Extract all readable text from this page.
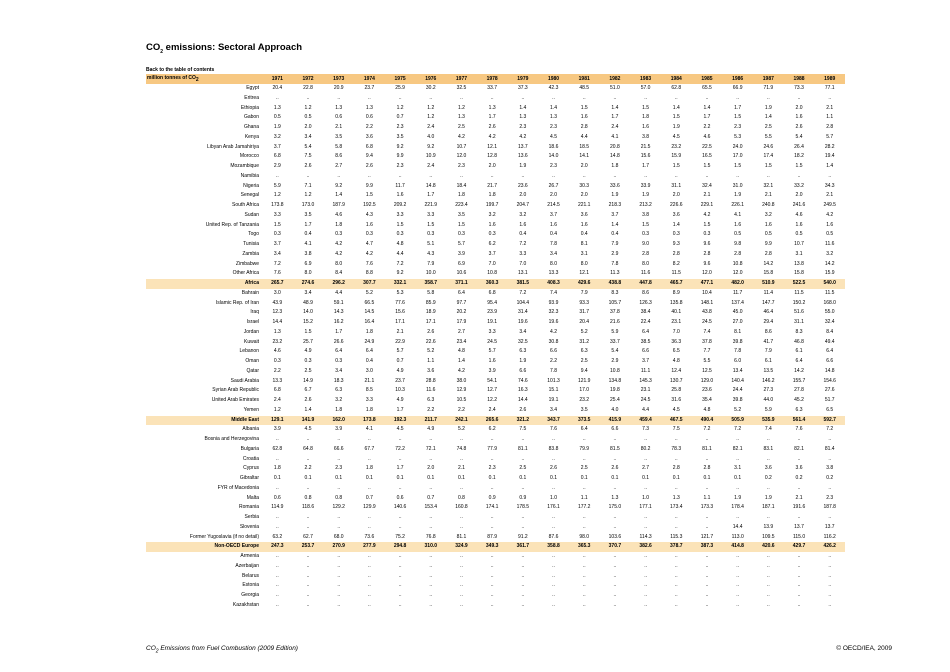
$CO_2$ emissions: Sectoral Approach
Back to the table of contents
million tonnes of $CO_2$	1971	1972	1973	1974	1975	1976	1977	1978	1979	1980	1981	1982	1983	1984	1985	1986	1987	1988	1989
Egypt	20.4	22.8	20.9	23.7	25.9	30.2	32.5	33.7	37.3	42.3	48.5	51.0	57.0	62.8	65.5	66.9	71.9	73.3	77.1
Eritrea	..	..	..	..	..	..	..	..	..	..	..	..	..	..	..	..	..	..	..
Ethiopia	1.3	1.2	1.3	1.3	1.2	1.2	1.2	1.3	1.4	1.4	1.5	1.4	1.5	1.4	1.4	1.7	1.9	2.0	2.1
Gabon	0.5	0.5	0.6	0.6	0.7	1.2	1.3	1.7	1.3	1.3	1.6	1.7	1.8	1.5	1.7	1.5	1.4	1.6	1.1
Ghana	1.9	2.0	2.1	2.2	2.3	2.4	2.5	2.6	2.3	2.3	2.8	2.4	1.6	1.9	2.2	2.3	2.5	2.6	2.8
Kenya	3.2	3.4	3.5	3.6	3.5	4.0	4.2	4.2	4.2	4.5	4.4	4.1	3.8	4.5	4.6	5.3	5.5	5.4	5.7
Libyan Arab Jamahiriya	3.7	5.4	5.8	6.8	9.2	9.2	10.7	12.1	13.7	18.6	18.5	20.8	21.5	23.2	22.5	24.0	24.6	26.4	28.2
Morocco	6.8	7.5	8.6	9.4	9.9	10.9	12.0	12.8	13.6	14.0	14.1	14.8	15.6	15.9	16.5	17.0	17.4	18.2	19.4
Mozambique	2.9	2.6	2.7	2.6	2.3	2.4	2.3	2.0	1.9	2.3	2.0	1.8	1.7	1.5	1.5	1.5	1.5	1.5	1.4
Namibia	..	..	..	..	..	..	..	..	..	..	..	..	..	..	..	..	..	..	..
Nigeria	5.9	7.1	9.2	9.9	11.7	14.8	18.4	21.7	23.6	26.7	30.3	33.6	33.9	31.1	32.4	31.0	32.1	33.2	34.3
Senegal	1.2	1.2	1.4	1.5	1.6	1.7	1.8	1.8	2.0	2.0	2.0	1.9	1.9	2.0	2.1	1.9	2.1	2.0	2.1
South Africa	173.8	173.0	187.9	192.5	209.2	221.9	223.4	199.7	204.7	214.5	221.1	218.3	213.2	226.6	229.1	226.1	240.8	241.6	249.5
Sudan	3.3	3.5	4.6	4.3	3.3	3.3	3.5	3.2	3.2	3.7	3.6	3.7	3.8	3.6	4.2	4.1	3.2	4.6	4.2
United Rep. of Tanzania	1.5	1.7	1.8	1.6	1.5	1.5	1.5	1.6	1.6	1.6	1.6	1.4	1.5	1.4	1.5	1.6	1.6	1.6	1.6
Togo	0.3	0.4	0.3	0.3	0.3	0.3	0.3	0.3	0.4	0.4	0.4	0.4	0.3	0.3	0.3	0.5	0.5	0.5	0.5
Tunisia	3.7	4.1	4.2	4.7	4.8	5.1	5.7	6.2	7.2	7.8	8.1	7.9	9.0	9.3	9.6	9.8	9.9	10.7	11.6
Zambia	3.4	3.8	4.2	4.2	4.4	4.3	3.9	3.7	3.3	3.4	3.1	2.9	2.8	2.8	2.8	2.8	2.8	3.1	3.2
Zimbabwe	7.2	6.9	8.0	7.6	7.2	7.9	6.9	7.0	7.0	8.0	8.0	7.8	8.0	8.2	9.6	10.8	14.2	13.8	14.2
Other Africa	7.6	8.0	8.4	8.8	9.2	10.0	10.6	10.8	13.1	13.3	12.1	11.3	11.6	11.5	12.0	12.0	15.8	15.8	15.9
Africa	265.7	274.6	296.2	307.7	332.1	358.7	371.1	360.3	381.5	408.3	429.6	438.8	447.8	465.7	477.1	482.0	510.9	522.5	540.0
Bahrain	3.0	3.4	4.4	5.2	5.3	5.8	6.4	6.8	7.2	7.4	7.9	8.3	8.6	8.9	10.4	11.7	11.4	11.5	11.5
Islamic Rep. of Iran	43.9	48.9	59.1	66.5	77.6	85.9	97.7	95.4	104.4	93.9	93.3	105.7	126.3	135.8	148.1	137.4	147.7	150.2	168.0
Iraq	12.3	14.0	14.3	14.5	15.6	18.9	20.2	23.9	31.4	32.3	31.7	37.8	38.4	40.1	43.8	45.0	46.4	51.6	55.0
Israel	14.4	15.2	16.2	16.4	17.1	17.1	17.9	19.1	19.6	19.6	20.4	21.6	22.4	23.1	24.5	27.0	29.4	31.1	32.4
Jordan	1.3	1.5	1.7	1.8	2.1	2.6	2.7	3.3	3.4	4.2	5.2	5.9	6.4	7.0	7.4	8.1	8.6	8.3	8.4
Kuwait	23.2	25.7	26.6	24.9	22.9	22.6	23.4	24.5	32.5	30.8	31.2	33.7	38.5	36.3	37.8	39.8	41.7	46.8	49.4
Lebanon	4.6	4.9	6.4	6.4	5.7	5.2	4.8	5.7	6.3	6.6	6.3	5.4	6.6	6.5	7.7	7.8	7.9	6.1	6.4
Oman	0.3	0.3	0.3	0.4	0.7	1.1	1.4	1.6	1.9	2.2	2.5	2.9	3.7	4.8	5.5	6.0	6.1	6.4	6.6
Qatar	2.2	2.5	3.4	3.0	4.9	3.6	4.2	3.9	6.6	7.8	9.4	10.8	11.1	12.4	12.5	13.4	13.5	14.2	14.8
Saudi Arabia	13.3	14.9	18.3	21.1	23.7	28.8	38.0	54.1	74.6	101.3	121.9	134.8	145.3	130.7	129.0	140.4	146.2	155.7	154.6
Syrian Arab Republic	6.8	6.7	6.3	8.5	10.3	11.6	12.9	12.7	16.3	15.1	17.0	19.8	23.1	25.8	23.6	24.4	27.3	27.8	27.6
United Arab Emirates	2.4	2.6	3.2	3.3	4.9	6.3	10.5	12.2	14.4	19.1	23.2	25.4	24.5	31.6	35.4	39.8	44.0	45.2	51.7
Yemen	1.2	1.4	1.8	1.8	1.7	2.2	2.2	2.4	2.6	3.4	3.5	4.0	4.4	4.5	4.8	5.2	5.9	6.3	6.5
Middle East	129.1	141.9	162.0	173.8	192.3	211.7	242.1	265.6	321.2	343.7	373.5	415.9	459.4	467.5	490.4	505.9	535.9	561.4	592.7
Albania	3.9	4.5	3.9	4.1	4.5	4.9	5.2	6.2	7.5	7.6	6.4	6.6	7.3	7.5	7.2	7.2	7.4	7.6	7.2
Bosnia and Herzegovina	..	..	..	..	..	..	..	..	..	..	..	..	..	..	..	..	..	..	..
Bulgaria	62.8	64.8	66.6	67.7	72.2	72.1	74.8	77.9	81.1	83.8	79.9	81.5	80.2	78.3	81.1	82.1	83.1	82.1	81.4
Croatia	..	..	..	..	..	..	..	..	..	..	..	..	..	..	..	..	..	..	..
Cyprus	1.8	2.2	2.3	1.8	1.7	2.0	2.1	2.3	2.5	2.6	2.5	2.6	2.7	2.8	2.8	3.1	3.6	3.6	3.8
Gibraltar	0.1	0.1	0.1	0.1	0.1	0.1	0.1	0.1	0.1	0.1	0.1	0.1	0.1	0.1	0.1	0.1	0.2	0.2	0.2
FYR of Macedonia	..	..	..	..	..	..	..	..	..	..	..	..	..	..	..	..	..	..	..
Malta	0.6	0.8	0.8	0.7	0.6	0.7	0.8	0.9	0.9	1.0	1.1	1.3	1.0	1.3	1.1	1.9	1.9	2.1	2.3
Romania	114.9	118.6	129.2	129.9	140.6	153.4	160.8	174.1	178.5	176.1	177.2	175.0	177.1	173.4	173.3	178.4	187.1	191.6	187.8
Serbia	..	..	..	..	..	..	..	..	..	..	..	..	..	..	..	..	..	..	..
Slovenia	..	..	..	..	..	..	..	..	..	..	..	..	..	..	..	14.4	13.9	13.7	13.7
Former Yugoslavia (if no detail)	63.2	62.7	68.0	73.6	75.2	76.8	81.1	87.9	91.2	87.6	98.0	103.6	114.3	115.3	121.7	113.0	109.5	115.0	116.2
Non-OECD Europe	247.3	253.7	270.9	277.9	294.8	310.0	324.9	349.3	361.7	358.8	365.3	370.7	382.6	378.7	387.3	414.8	420.6	429.7	426.2
Armenia	..	..	..	..	..	..	..	..	..	..	..	..	..	..	..	..	..	..	..
Azerbaijan	..	..	..	..	..	..	..	..	..	..	..	..	..	..	..	..	..	..	..
Belarus	..	..	..	..	..	..	..	..	..	..	..	..	..	..	..	..	..	..	..
Estonia	..	..	..	..	..	..	..	..	..	..	..	..	..	..	..	..	..	..	..
Georgia	..	..	..	..	..	..	..	..	..	..	..	..	..	..	..	..	..	..	..
Kazakhstan	..	..	..	..	..	..	..	..	..	..	..	..	..	..	..	..	..	..	..
$CO_2$ Emissions from Fuel Combustion (2009 Edition)	© OECD/IEA, 2009
